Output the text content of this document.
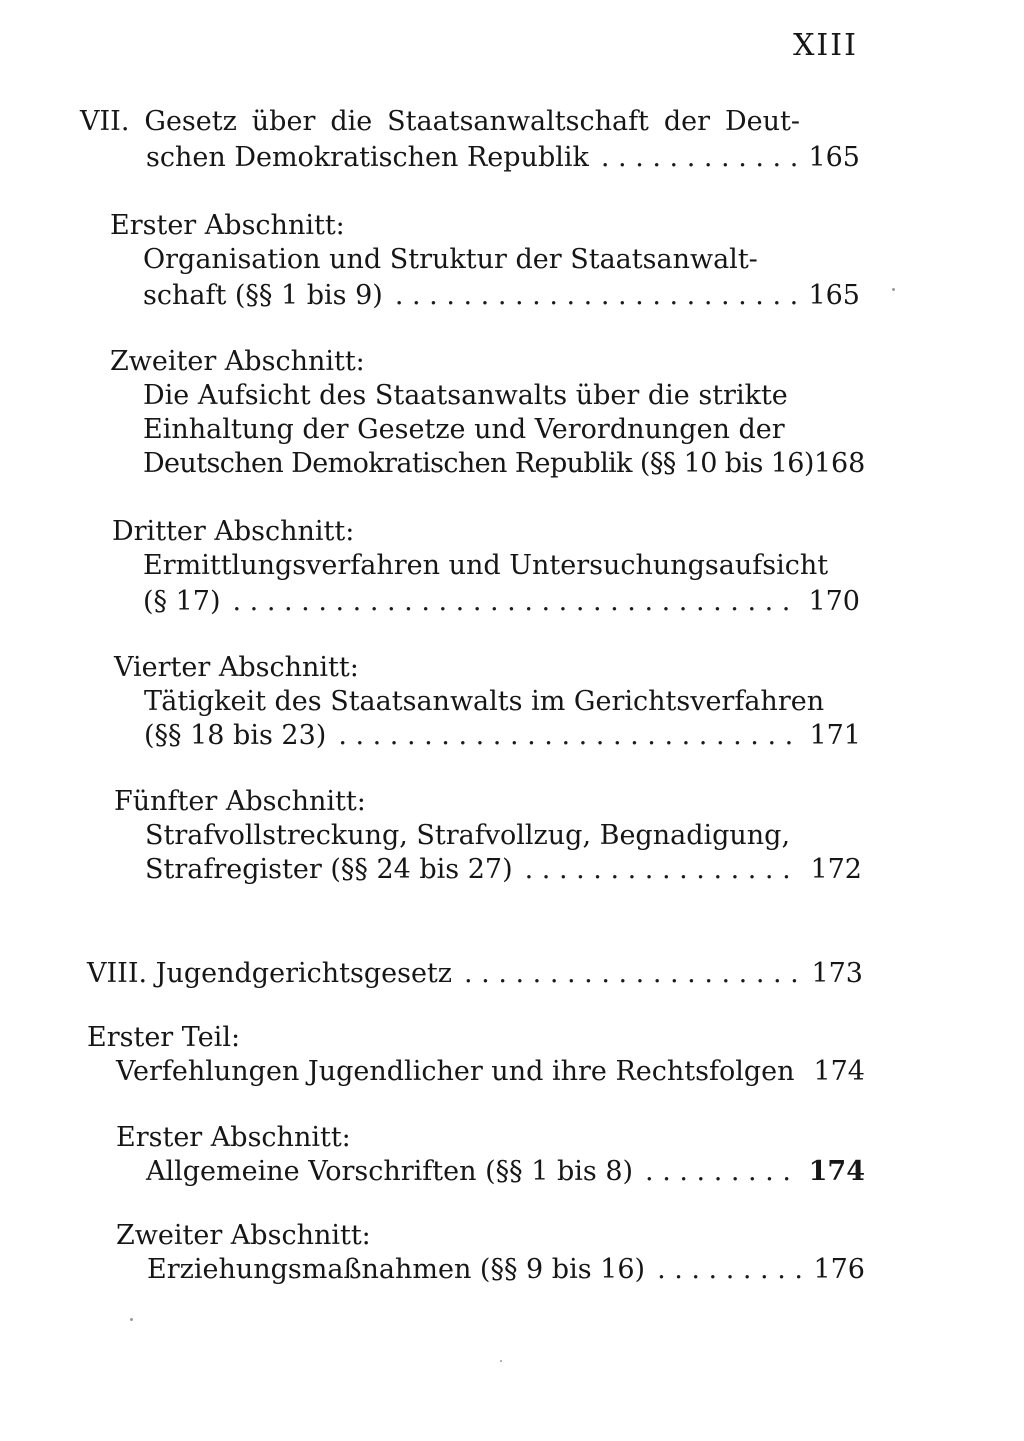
XIII
VII. Gesetz über die Staatsanwaltschaft der Deut-
schen Demokratischen Republik . . .	165
Erster Abschnitt:
Organisation und Struktur der Staatsanwalt-
schaft (§§ 1 bis 9) . . .	165
Zweiter Abschnitt:
Die Aufsicht des Staatsanwalts über die strikte
Einhaltung der Gesetze und Verordnungen der
Deutschen Demokratischen Republik (§§ 10 bis 16) 168
Dritter Abschnitt:
Ermittlungsverfahren und Untersuchungsaufsicht
(§ 17) . . .	170
Vierter Abschnitt:
Tätigkeit des Staatsanwalts im Gerichtsverfahren
(§§ 18 bis 23) . . .	171
Fünfter Abschnitt:
Strafvollstreckung, Strafvollzug, Begnadigung,
Strafregister (§§ 24 bis 27) . . .	172
VIII. Jugendgerichtsgesetz . . .	173
Erster Teil:
Verfehlungen Jugendlicher und ihre Rechtsfolgen 174
Erster Abschnitt:
Allgemeine Vorschriften (§§ 1 bis 8) . . .	174
Zweiter Abschnitt:
Erziehungsmaßnahmen (§§ 9 bis 16) . . .	176
